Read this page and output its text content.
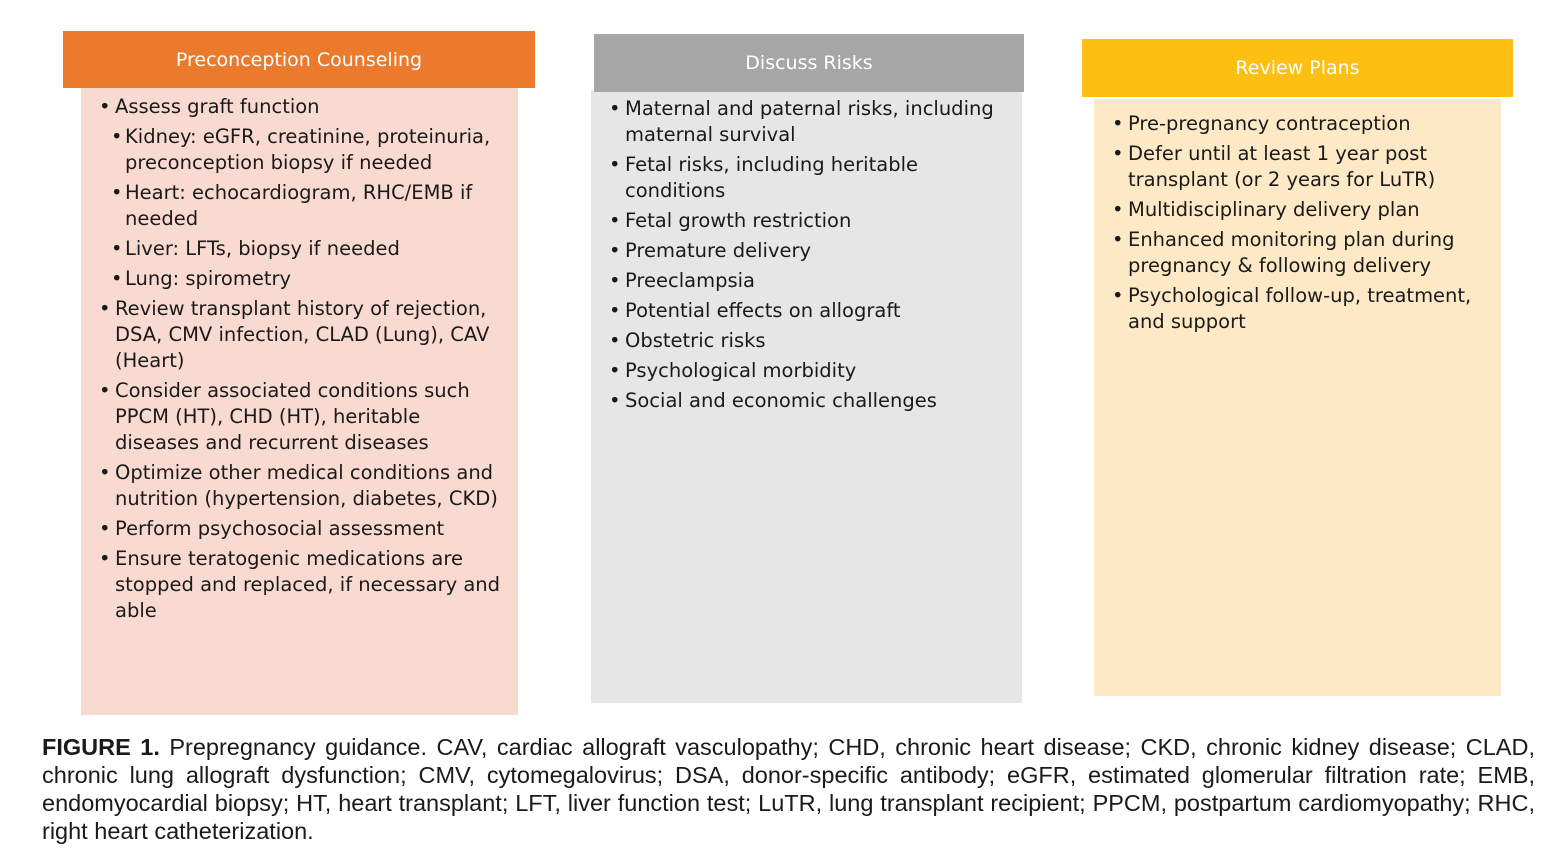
• Assess graft function
• Kidney: eGFR, creatinine, proteinuria, preconception biopsy if needed
• Heart: echocardiogram, RHC/EMB if needed
• Liver: LFTs, biopsy if needed
• Lung: spirometry
• Review transplant history of rejection, DSA, CMV infection, CLAD (Lung), CAV (Heart)
• Consider associated conditions such PPCM (HT), CHD (HT), heritable diseases and recurrent diseases
• Optimize other medical conditions and nutrition (hypertension, diabetes, CKD)
• Perform psychosocial assessment
• Ensure teratogenic medications are stopped and replaced, if necessary and able
Preconception Counseling
• Maternal and paternal risks, including maternal survival
• Fetal risks, including heritable conditions
• Fetal growth restriction
• Premature delivery
• Preeclampsia
• Potential effects on allograft
• Obstetric risks
• Psychological morbidity
• Social and economic challenges
Discuss Risks
• Pre-pregnancy contraception
• Defer until at least 1 year post transplant (or 2 years for LuTR)
• Multidisciplinary delivery plan
• Enhanced monitoring plan during pregnancy & following delivery
• Psychological follow-up, treatment, and support
Review Plans
FIGURE 1. Prepregnancy guidance. CAV, cardiac allograft vasculopathy; CHD, chronic heart disease; CKD, chronic kidney disease; CLAD, chronic lung allograft dysfunction; CMV, cytomegalovirus; DSA, donor-specific antibody; eGFR, estimated glomerular filtration rate; EMB, endomyocardial biopsy; HT, heart transplant; LFT, liver function test; LuTR, lung transplant recipient; PPCM, postpartum cardiomyopathy; RHC, right heart catheterization.
